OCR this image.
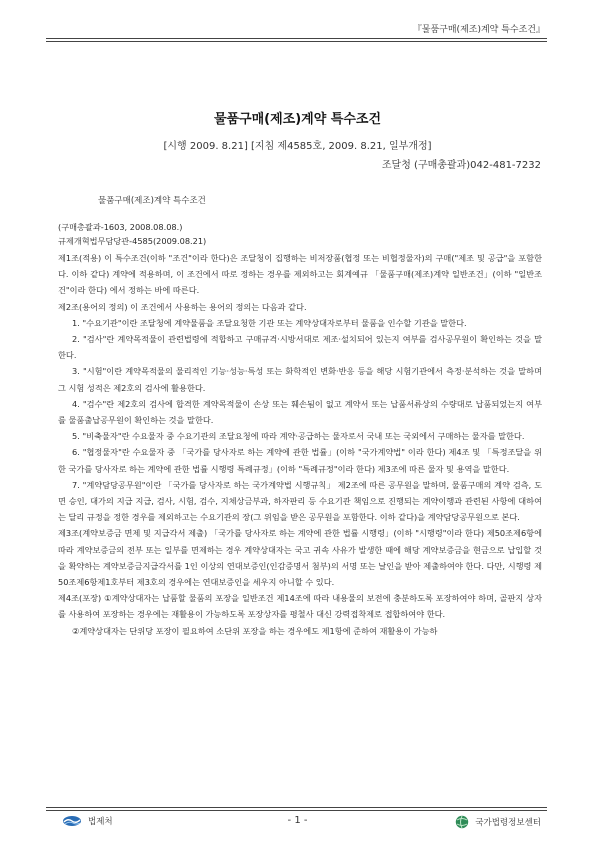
『물품구매(제조)계약 특수조건』
물품구매(제조)계약 특수조건
[시행 2009. 8.21] [지침 제4585호, 2009. 8.21, 일부개정]
조달청 (구매총괄과)042-481-7232
물품구매(제조)계약 특수조건

(구매총괄과-1603, 2008.08.08.)

규제개혁법무담당관-4585(2009.08.21)

제1조(적용) 이 특수조건(이하 "조건"이라 한다)은 조달청이 집행하는 비저장품(협정 또는 비협정물자)의 구매("제조 및 공급"을 포함한다. 이하 같다) 계약에 적용하며, 이 조건에서 따로 정하는 경우를 제외하고는 회계예규 「물품구매(제조)계약 일반조건」(이하 "일반조건"이라 한다) 에서 정하는 바에 따른다.

제2조(용어의 정의) 이 조건에서 사용하는 용어의 정의는 다음과 같다.

1. "수요기관"이란 조달청에 계약물품을 조달요청한 기관 또는 계약상대자로부터 물품을 인수할 기관을 말한다.

2. "검사"란 계약목적물이 관련법령에 적합하고 구매규격·시방서대로 제조·설치되어 있는지 여부를 검사공무원이 확인하는 것을 말한다.

3. "시험"이란 계약목적물의 물리적인 기능·성능·특성 또는 화학적인 변화·반응 등을 해당 시험기관에서 측정·분석하는 것을 말하며 그 시험 성적은 제2호의 검사에 활용한다.

4. "검수"란 제2호의 검사에 합격한 계약목적물이 손상 또는 훼손됨이 없고 계약서 또는 납품서류상의 수량대로 납품되었는지 여부를 물품출납공무원이 확인하는 것을 말한다.

5. "비축물자"란 수요물자 중 수요기관의 조달요청에 따라 계약·공급하는 물자로서 국내 또는 국외에서 구매하는 물자를 말한다.

6. "협정물자"란 수요물자 중 「국가를 당사자로 하는 계약에 관한 법률」(이하 "국가계약법" 이라 한다) 제4조 및 「특정조달을 위한 국가를 당사자로 하는 계약에 관한 법률 시행령 특례규정」(이하 "특례규정"이라 한다) 제3조에 따른 물자 및 용역을 말한다.

7. "계약담당공무원"이란 「국가를 당사자로 하는 국가계약법 시행규칙」 제2조에 따른 공무원을 말하며, 물품구매의 계약 검측, 도면 승인, 대가의 지급 지급, 검사, 시험, 검수, 지체상금부과, 하자판리 등 수요기관 책임으로 진행되는 계약이행과 관련된 사항에 대하여는 달리 규정을 정한 경우를 제외하고는 수요기관의 장(그 위임을 받은 공무원을 포함한다. 이하 같다)을 계약담당공무원으로 본다.

제3조(계약보증금 면제 및 지급각서 제출) 「국가를 당사자로 하는 계약에 관한 법률 시행령」(이하 "시행령"이라 한다) 제50조제6항에 따라 계약보증금의 전부 또는 일부를 면제하는 경우 계약상대자는 국고 귀속 사유가 발생한 때에 해당 계약보증금을 현금으로 납입할 것을 확약하는 계약보증금지급각서를 1인 이상의 연대보증인(인감증명서 첨부)의 서명 또는 날인을 받아 제출하여야 한다. 다만, 시행령 제50조제6항제1호부터 제3호의 경우에는 연대보증인을 세우지 아니할 수 있다.

제4조(포장) ①계약상대자는 납품할 물품의 포장을 일반조건 제14조에 따라 내용물의 보전에 충분하도록 포장하여야 하며, 골판지 상자를 사용하여 포장하는 경우에는 재활용이 가능하도록 포장상자를 평철사 대신 강력접착제로 접합하여야 한다.

②계약상대자는 단위당 포장이 필요하여 소단위 포장을 하는 경우에도 제1항에 준하여 재활용이 가능하

법제처	- 1 -	국가법령정보센터
